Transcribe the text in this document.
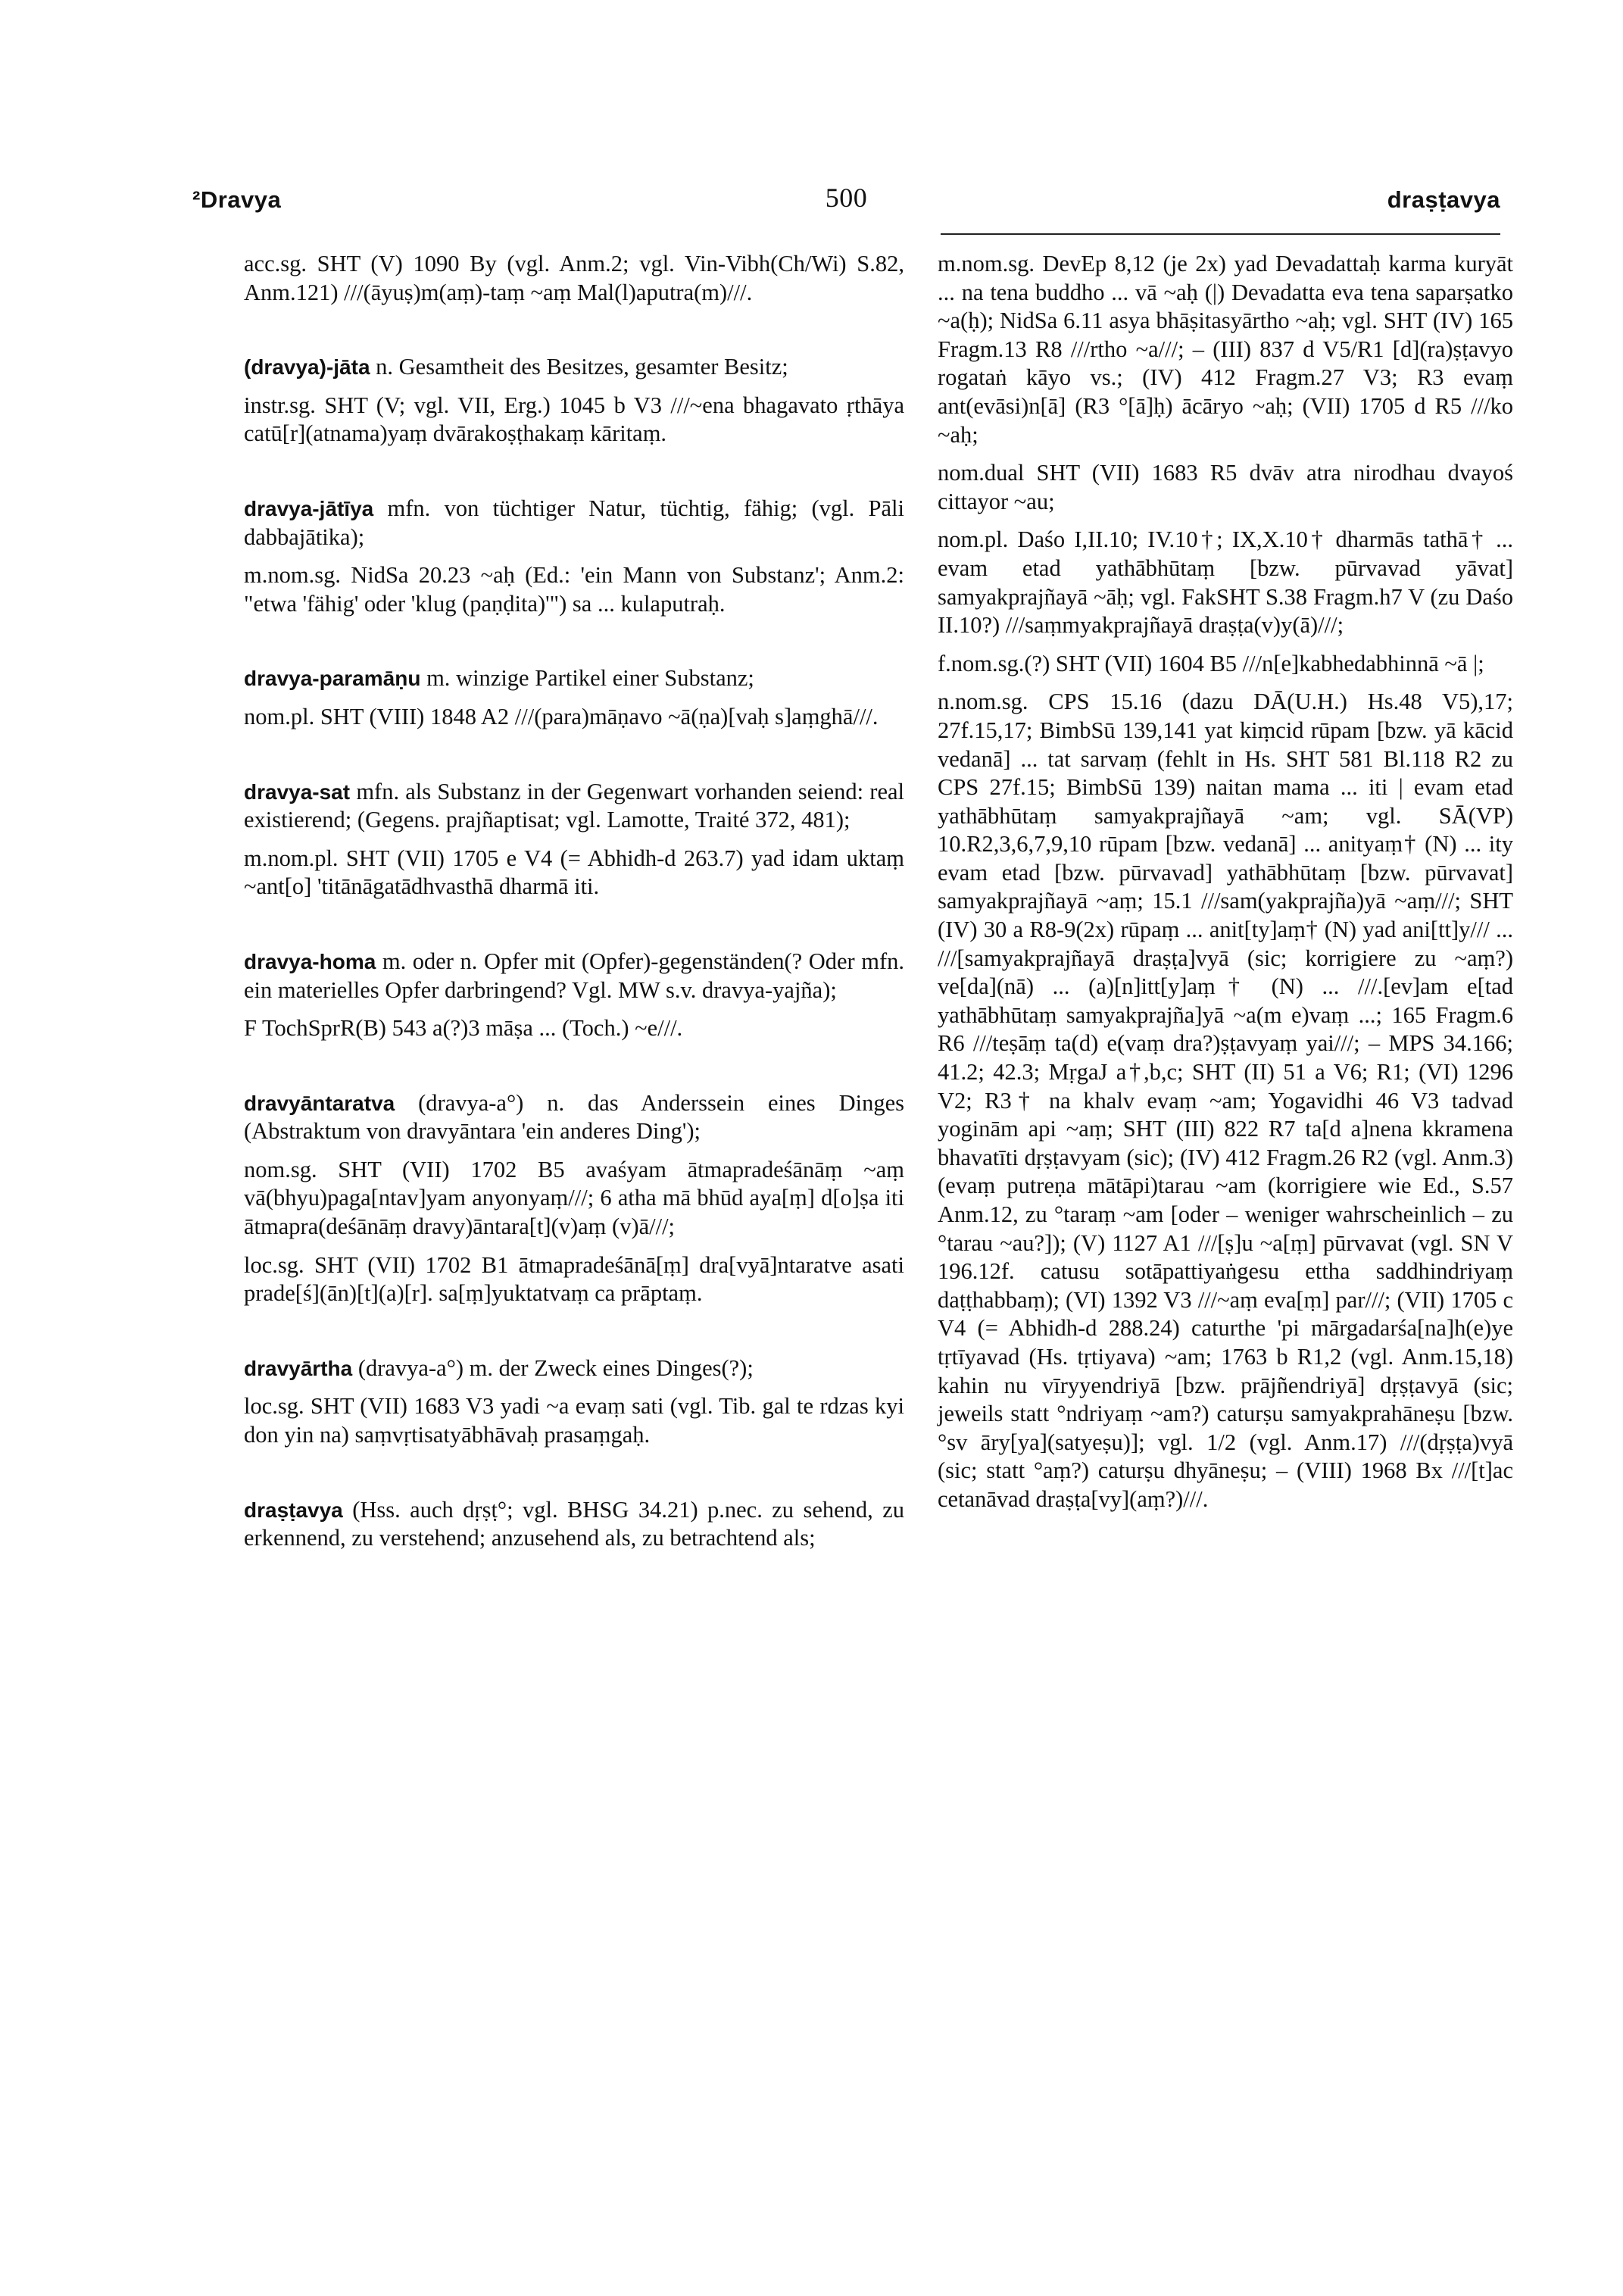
²Dravya	500	draṣṭavya

acc.sg. SHT (V) 1090 By (vgl. Anm.2; vgl. Vin-Vibh(Ch/Wi) S.82, Anm.121) ///(āyuṣ)m(aṃ)-taṃ ~aṃ Mal(l)aputra(m)///.

(dravya)-jāta n. Gesamtheit des Besitzes, gesamter Besitz;

instr.sg. SHT (V; vgl. VII, Erg.) 1045 b V3 ///~ena bhagavato ṛthāya catū[r](atnama)yaṃ dvārakoṣṭhakaṃ kāritaṃ.

dravya-jātīya mfn. von tüchtiger Natur, tüchtig, fähig; (vgl. Pāli dabbajātika);

m.nom.sg. NidSa 20.23 ~aḥ (Ed.: 'ein Mann von Substanz'; Anm.2: "etwa 'fähig' oder 'klug (paṇḍita)'") sa ... kulaputraḥ.

dravya-paramāṇu m. winzige Partikel einer Substanz;

nom.pl. SHT (VIII) 1848 A2 ///(para)māṇavo ~ā(ṇa)[vaḥ s]aṃghā///.

dravya-sat mfn. als Substanz in der Gegenwart vorhanden seiend: real existierend; (Gegens. prajñaptisat; vgl. Lamotte, Traité 372, 481);

m.nom.pl. SHT (VII) 1705 e V4 (= Abhidh-d 263.7) yad idam uktaṃ ~ant[o] 'titānāgatādhvasthā dharmā iti.

dravya-homa m. oder n. Opfer mit (Opfer)-gegenständen(? Oder mfn. ein materielles Opfer darbringend? Vgl. MW s.v. dravya-yajña);

F TochSprR(B) 543 a(?)3 māṣa ... (Toch.) ~e///.

dravyāntaratva (dravya-a°) n. das Anderssein eines Dinges (Abstraktum von dravyāntara 'ein anderes Ding');

nom.sg. SHT (VII) 1702 B5 avaśyam ātmapradeśānāṃ ~aṃ vā(bhyu)paga[ntav]yam anyonyaṃ///; 6 atha mā bhūd aya[ṃ] d[o]ṣa iti ātmapra(deśānāṃ dravy)āntara[t](v)aṃ (v)ā///;

loc.sg. SHT (VII) 1702 B1 ātmapradeśānā[ṃ] dra[vyā]ntaratve asati prade[ś](ān)[t](a)[r]. sa[ṃ]yuktatvaṃ ca prāptaṃ.

dravyārtha (dravya-a°) m. der Zweck eines Dinges(?);

loc.sg. SHT (VII) 1683 V3 yadi ~a evaṃ sati (vgl. Tib. gal te rdzas kyi don yin na) saṃvṛtisatyābhāvaḥ prasaṃgaḥ.

draṣṭavya (Hss. auch dṛṣṭ°; vgl. BHSG 34.21) p.nec. zu sehend, zu erkennend, zu verstehend; anzusehend als, zu betrachtend als;

m.nom.sg. DevEp 8,12 (je 2x) yad Devadattaḥ karma kuryāt ... na tena buddho ... vā ~aḥ (|) Devadatta eva tena saparṣatko ~a(ḥ); NidSa 6.11 asya bhāṣitasyārtho ~aḥ; vgl. SHT (IV) 165 Fragm.13 R8 ///rtho ~a///; – (III) 837 d V5/R1 [d](ra)ṣṭavyo rogataṅ kāyo vs.; (IV) 412 Fragm.27 V3; R3 evaṃ ant(evāsi)n[ā] (R3 °[ā]ḥ) ācāryo ~aḥ; (VII) 1705 d R5 ///ko ~aḥ;

nom.dual SHT (VII) 1683 R5 dvāv atra nirodhau dvayoś cittayor ~au;

nom.pl. Daśo I,II.10; IV.10†; IX,X.10† dharmās tathā† ... evam etad yathābhūtaṃ [bzw. pūrvavad yāvat] samyakprajñayā ~āḥ; vgl. FakSHT S.38 Fragm.h7 V (zu Daśo II.10?) ///saṃmyakprajñayā draṣṭa(v)y(ā)///;

f.nom.sg.(?) SHT (VII) 1604 B5 ///n[e]kabhedabhinnā ~ā |;

n.nom.sg. CPS 15.16 (dazu DĀ(U.H.) Hs.48 V5),17; 27f.15,17; BimbSū 139,141 yat kiṃcid rūpam [bzw. yā kācid vedanā] ... tat sarvaṃ (fehlt in Hs. SHT 581 Bl.118 R2 zu CPS 27f.15; BimbSū 139) naitan mama ... iti | evam etad yathābhūtaṃ samyakprajñayā ~am; vgl. SĀ(VP) 10.R2,3,6,7,9,10 rūpam [bzw. vedanā] ... anityaṃ† (N) ... ity evam etad [bzw. pūrvavad] yathābhūtaṃ [bzw. pūrvavat] samyakprajñayā ~aṃ; 15.1 ///sam(yakprajña)yā ~aṃ///; SHT (IV) 30 a R8-9(2x) rūpaṃ ... anit[ty]aṃ† (N) yad ani[tt]y/// ... ///[samyakprajñayā draṣṭa]vyā (sic; korrigiere zu ~aṃ?) ve[da](nā) ... (a)[n]itt[y]aṃ† (N) ... ///.[ev]am e[tad yathābhūtaṃ samyakprajña]yā ~a(m e)vaṃ ...; 165 Fragm.6 R6 ///teṣāṃ ta(d) e(vaṃ dra?)ṣṭavyaṃ yai///; – MPS 34.166; 41.2; 42.3; MṛgaJ a†,b,c; SHT (II) 51 a V6; R1; (VI) 1296 V2; R3† na khalv evaṃ ~am; Yogavidhi 46 V3 tadvad yoginām api ~aṃ; SHT (III) 822 R7 ta[d a]nena kkramena bhavatīti dṛṣṭavyam (sic); (IV) 412 Fragm.26 R2 (vgl. Anm.3) (evaṃ putreṇa mātāpi)tarau ~am (korrigiere wie Ed., S.57 Anm.12, zu °taraṃ ~am [oder – weniger wahrscheinlich – zu °tarau ~au?]); (V) 1127 A1 ///[ṣ]u ~a[ṃ] pūrvavat (vgl. SN V 196.12f. catusu sotāpattiyaṅgesu ettha saddhindriyaṃ daṭṭhabbaṃ); (VI) 1392 V3 ///~aṃ eva[ṃ] par///; (VII) 1705 c V4 (= Abhidh-d 288.24) caturthe 'pi mārgadarśa[na]h(e)ye tṛtīyavad (Hs. tṛtiyava) ~am; 1763 b R1,2 (vgl. Anm.15,18) kahin nu vīryyendriyā [bzw. prājñendriyā] dṛṣṭavyā (sic; jeweils statt °ndriyaṃ ~am?) caturṣu samyakprahāneṣu [bzw. °sv āry[ya](satyeṣu)]; vgl. 1/2 (vgl. Anm.17) ///(dṛṣṭa)vyā (sic; statt °aṃ?) caturṣu dhyāneṣu; – (VIII) 1968 Bx ///[t]ac cetanāvad draṣṭa[vy](aṃ?)///.
